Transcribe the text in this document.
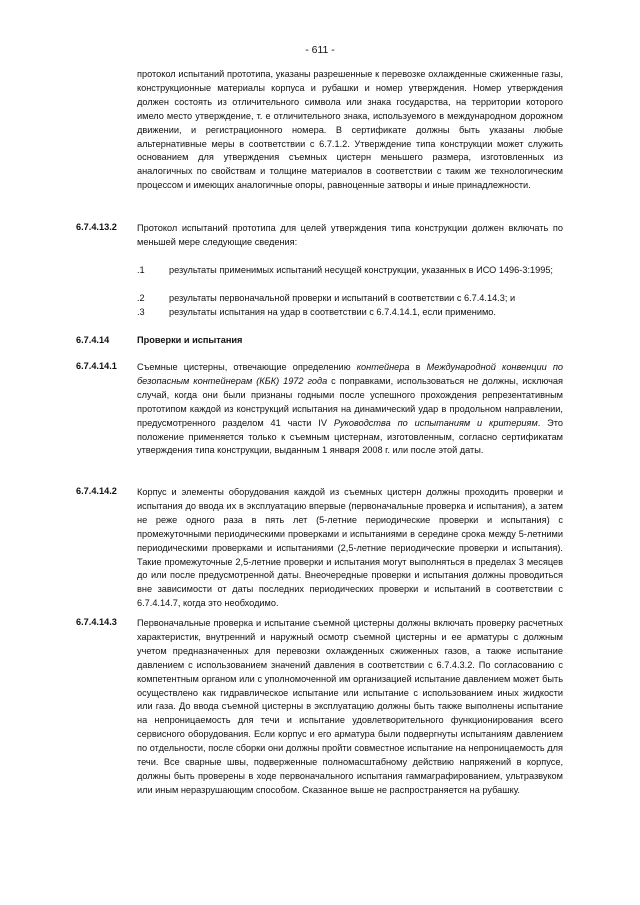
- 611 -

протокол испытаний прототипа, указаны разрешенные к перевозке охлажденные сжиженные газы, конструкционные материалы корпуса и рубашки и номер утверждения. Номер утверждения должен состоять из отличительного символа или знака государства, на территории которого имело место утверждение, т. е отличительного знака, используемого в международном дорожном движении, и регистрационного номера. В сертификате должны быть указаны любые альтернативные меры в соответствии с 6.7.1.2. Утверждение типа конструкции может служить основанием для утверждения съемных цистерн меньшего размера, изготовленных из аналогичных по свойствам и толщине материалов в соответствии с таким же технологическим процессом и имеющих аналогичные опоры, равноценные затворы и иные принадлежности.

6.7.4.13.2 Протокол испытаний прототипа для целей утверждения типа конструкции должен включать по меньшей мере следующие сведения:

.1	результаты применимых испытаний несущей конструкции, указанных в ИСО 1496-3:1995;
.2	результаты первоначальной проверки и испытаний в соответствии с 6.7.4.14.3; и
.3	результаты испытания на удар в соответствии с 6.7.4.14.1, если применимо.
6.7.4.14	Проверки и испытания
6.7.4.14.1 Съемные цистерны, отвечающие определению контейнера в Международной конвенции по безопасным контейнерам (КБК) 1972 года с поправками, использоваться не должны, исключая случай, когда они были признаны годными после успешного прохождения репрезентативным прототипом каждой из конструкций испытания на динамический удар в продольном направлении, предусмотренного разделом 41 части IV Руководства по испытаниям и критериям. Это положение применяется только к съемным цистернам, изготовленным, согласно сертификатам утверждения типа конструкции, выданным 1 января 2008 г. или после этой даты.

6.7.4.14.2 Корпус и элементы оборудования каждой из съемных цистерн должны проходить проверки и испытания до ввода их в эксплуатацию впервые (первоначальные проверка и испытания), а затем не реже одного раза в пять лет (5-летние периодические проверки и испытания) с промежуточными периодическими проверками и испытаниями в середине срока между 5-летними периодическими проверками и испытаниями (2,5-летние периодические проверки и испытания). Такие промежуточные 2,5-летние проверки и испытания могут выполняться в пределах 3 месяцев до или после предусмотренной даты. Внеочередные проверки и испытания должны проводиться вне зависимости от даты последних периодических проверки и испытаний в соответствии с 6.7.4.14.7, когда это необходимо.

6.7.4.14.3 Первоначальные проверка и испытание съемной цистерны должны включать проверку расчетных характеристик, внутренний и наружный осмотр съемной цистерны и ее арматуры с должным учетом предназначенных для перевозки охлажденных сжиженных газов, а также испытание давлением с использованием значений давления в соответствии с 6.7.4.3.2. По согласованию с компетентным органом или с уполномоченной им организацией испытание давлением может быть осуществлено как гидравлическое испытание или испытание с использованием иных жидкости или газа. До ввода съемной цистерны в эксплуатацию должны быть также выполнены испытание на непроницаемость для течи и испытание удовлетворительного функционирования всего сервисного оборудования. Если корпус и его арматура были подвергнуты испытаниям давлением по отдельности, после сборки они должны пройти совместное испытание на непроницаемость для течи. Все сварные швы, подверженные полномасштабному действию напряжений в корпусе, должны быть проверены в ходе первоначального испытания гаммаграфированием, ультразвуком или иным неразрушающим способом. Сказанное выше не распространяется на рубашку.
